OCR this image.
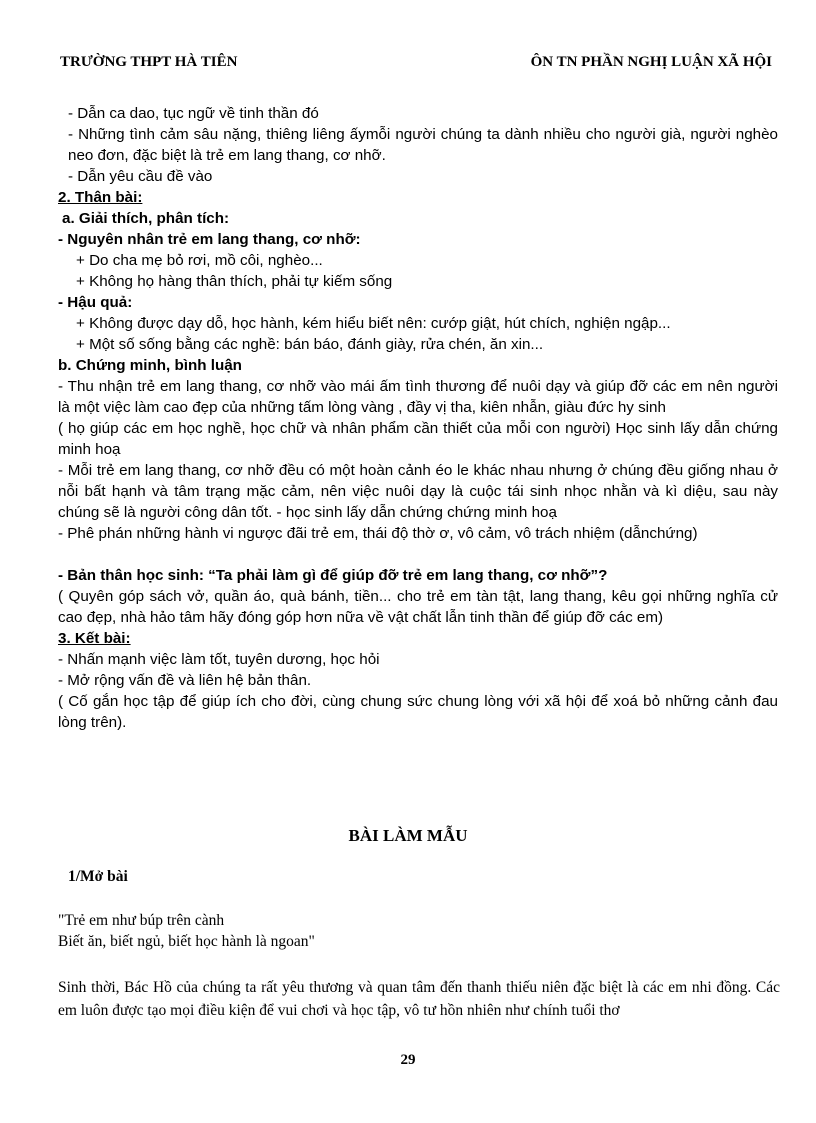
TRƯỜNG THPT HÀ TIÊN	ÔN TN PHẦN NGHỊ LUẬN XÃ HỘI

- Dẫn ca dao, tục ngữ về tinh thần đó

- Những tình cảm sâu nặng, thiêng liêng ấymỗi người chúng ta dành nhiều cho người già, người nghèo neo đơn, đặc biệt là trẻ em lang thang, cơ nhỡ.

- Dẫn yêu cầu đề vào

2. Thân bài:

a. Giải thích, phân tích:

- Nguyên nhân trẻ em lang thang, cơ nhỡ:

+ Do cha mẹ bỏ rơi, mồ côi, nghèo...

+ Không họ hàng thân thích, phải tự kiếm sống

- Hậu quả:

+ Không được dạy dỗ, học hành, kém hiểu biết nên: cướp giật, hút chích, nghiện ngập...

+ Một số sống bằng các nghề: bán báo, đánh giày, rửa chén, ăn xin...

b. Chứng minh, bình luận

- Thu nhận trẻ em lang thang, cơ nhỡ vào mái ấm tình thương để nuôi dạy và giúp đỡ các em nên người là một việc làm cao đẹp của những tấm lòng vàng , đầy vị tha, kiên nhẫn, giàu đức hy sinh

( họ giúp các em học nghề, học chữ và nhân phẩm cần thiết của mỗi con người) Học sinh lấy dẫn chứng minh hoạ

- Mỗi trẻ em lang thang, cơ nhỡ đều có một hoàn cảnh éo le khác nhau nhưng ở chúng đều giống nhau ở nỗi bất hạnh và tâm trạng mặc cảm, nên việc nuôi dạy là cuộc tái sinh nhọc nhằn và kì diệu, sau này chúng sẽ là người công dân tốt. - học sinh lấy dẫn chứng chứng minh hoạ

- Phê phán những hành vi ngược đãi trẻ em, thái độ thờ ơ, vô cảm, vô trách nhiệm (dẫnchứng)

- Bản thân học sinh: “Ta phải làm gì để giúp đỡ trẻ em lang thang, cơ nhỡ”?

( Quyên góp sách vở, quần áo, quà bánh, tiền... cho trẻ em tàn tật, lang thang, kêu gọi những nghĩa cử cao đẹp, nhà hảo tâm hãy đóng góp hơn nữa về vật chất lẫn tinh thần để giúp đỡ các em)

3. Kết bài:

- Nhấn mạnh việc làm tốt, tuyên dương, học hỏi

- Mở rộng vấn đề và liên hệ bản thân.

( Cố gắn học tập để giúp ích cho đời, cùng chung sức chung lòng với xã hội để xoá bỏ những cảnh đau lòng trên).

BÀI LÀM MẪU
1/Mở bài

"Trẻ em như búp trên cành

Biết ăn, biết ngủ, biết học hành là ngoan"

Sinh thời, Bác Hồ của chúng ta rất yêu thương và quan tâm đến thanh thiếu niên đặc biệt là các em nhi đồng. Các em luôn được tạo mọi điều kiện để vui chơi và học tập, vô tư hồn nhiên như chính tuổi thơ
29
